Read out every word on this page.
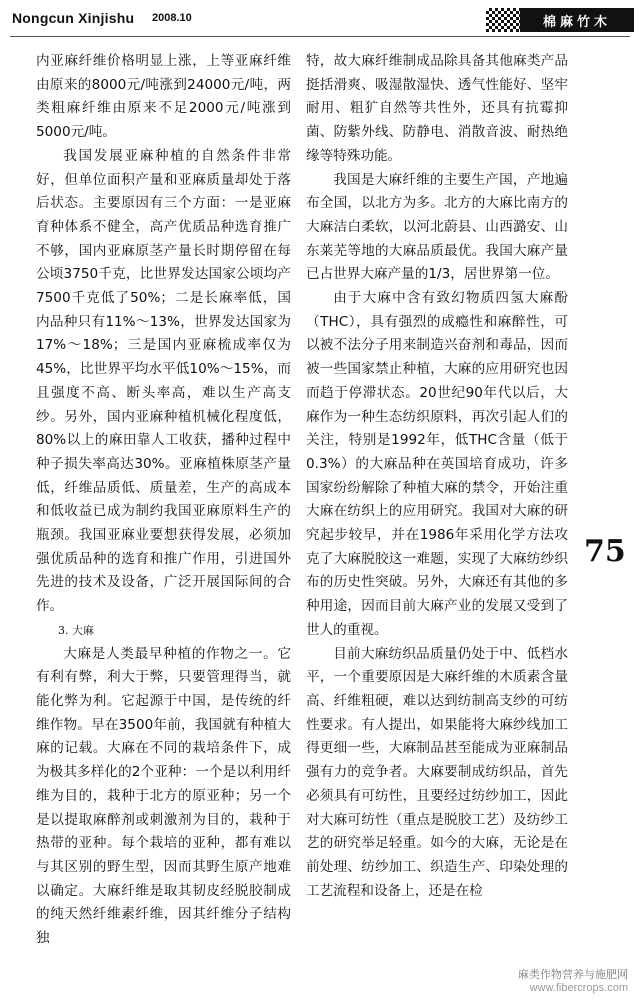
Nongcun Xinjishu 2008.10	棉麻竹木

内亚麻纤维价格明显上涨，上等亚麻纤维由原来的8000元/吨涨到24000元/吨，两类粗麻纤维由原来不足2000元/吨涨到5000元/吨。

我国发展亚麻种植的自然条件非常好，但单位面积产量和亚麻质量却处于落后状态。主要原因有三个方面：一是亚麻育种体系不健全，高产优质品种选育推广不够，国内亚麻原茎产量长时期停留在每公顷3750千克，比世界发达国家公顷均产7500千克低了50%；二是长麻率低，国内品种只有11%～13%，世界发达国家为17%～18%；三是国内亚麻梳成率仅为45%，比世界平均水平低10%～15%，而且强度不高、断头率高，难以生产高支纱。另外，国内亚麻种植机械化程度低，80%以上的麻田靠人工收获，播种过程中种子损失率高达30%。亚麻植株原茎产量低，纤维品质低、质量差，生产的高成本和低收益已成为制约我国亚麻原料生产的瓶颈。我国亚麻业要想获得发展，必须加强优质品种的选育和推广作用，引进国外先进的技术及设备，广泛开展国际间的合作。

3. 大麻

大麻是人类最早种植的作物之一。它有利有弊，利大于弊，只要管理得当，就能化弊为利。它起源于中国，是传统的纤维作物。早在3500年前，我国就有种植大麻的记载。大麻在不同的栽培条件下，成为极其多样化的2个亚种：一个是以利用纤维为目的，栽种于北方的原亚种；另一个是以提取麻醉剂或刺激剂为目的，栽种于热带的亚种。每个栽培的亚种，都有难以与其区别的野生型，因而其野生原产地难以确定。大麻纤维是取其韧皮经脱胶制成的纯天然纤维素纤维，因其纤维分子结构独

特，故大麻纤维制成品除具备其他麻类产品挺括滑爽、吸湿散湿快、透气性能好、坚牢耐用、粗犷自然等共性外，还具有抗霉抑菌、防紫外线、防静电、消散音波、耐热绝缘等特殊功能。

我国是大麻纤维的主要生产国，产地遍布全国，以北方为多。北方的大麻比南方的大麻洁白柔软，以河北蔚县、山西潞安、山东莱芜等地的大麻品质最优。我国大麻产量已占世界大麻产量的1/3，居世界第一位。

由于大麻中含有致幻物质四氢大麻酚（THC），具有强烈的成瘾性和麻醉性，可以被不法分子用来制造兴奋剂和毒品，因而被一些国家禁止种植，大麻的应用研究也因而趋于停滞状态。20世纪90年代以后，大麻作为一种生态纺织原料，再次引起人们的关注，特别是1992年，低THC含量（低于0.3%）的大麻品种在英国培育成功，许多国家纷纷解除了种植大麻的禁令，开始注重大麻在纺织上的应用研究。我国对大麻的研究起步较早，并在1986年采用化学方法攻克了大麻脱胶这一难题，实现了大麻纺纱织布的历史性突破。另外，大麻还有其他的多种用途，因而目前大麻产业的发展又受到了世人的重视。

目前大麻纺织品质量仍处于中、低档水平，一个重要原因是大麻纤维的木质素含量高、纤维粗硬，难以达到纺制高支纱的可纺性要求。有人提出，如果能将大麻纱线加工得更细一些，大麻制品甚至能成为亚麻制品强有力的竞争者。大麻要制成纺织品，首先必须具有可纺性，且要经过纺纱加工，因此对大麻可纺性（重点是脱胶工艺）及纺纱工艺的研究举足轻重。如今的大麻，无论是在前处理、纺纱加工、织造生产、印染处理的工艺流程和设备上，还是在检

75
麻类作物营养与施肥网
www.fibercrops.com
